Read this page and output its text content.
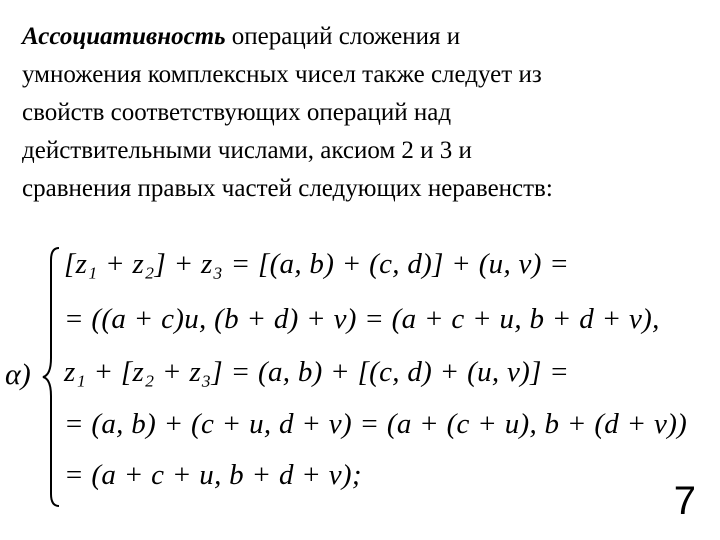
Ассоциативность операций сложения и
умножения комплексных чисел также следует из
свойств соответствующих операций над
действительными числами, аксиом 2 и 3 и
сравнения правых частей следующих неравенств:
α)
[z₁ + z₂] + z₃ = [(a, b) + (c, d)] + (u, v) =
= ((a + c)u, (b + d) + v) = (a + c + u, b + d + v),
z₁ + [z₂ + z₃] = (a, b) + [(c, d) + (u, v)] =
= (a, b) + (c + u, d + v) = (a + (c + u), b + (d + v))
= (a + c + u, b + d + v);
7
